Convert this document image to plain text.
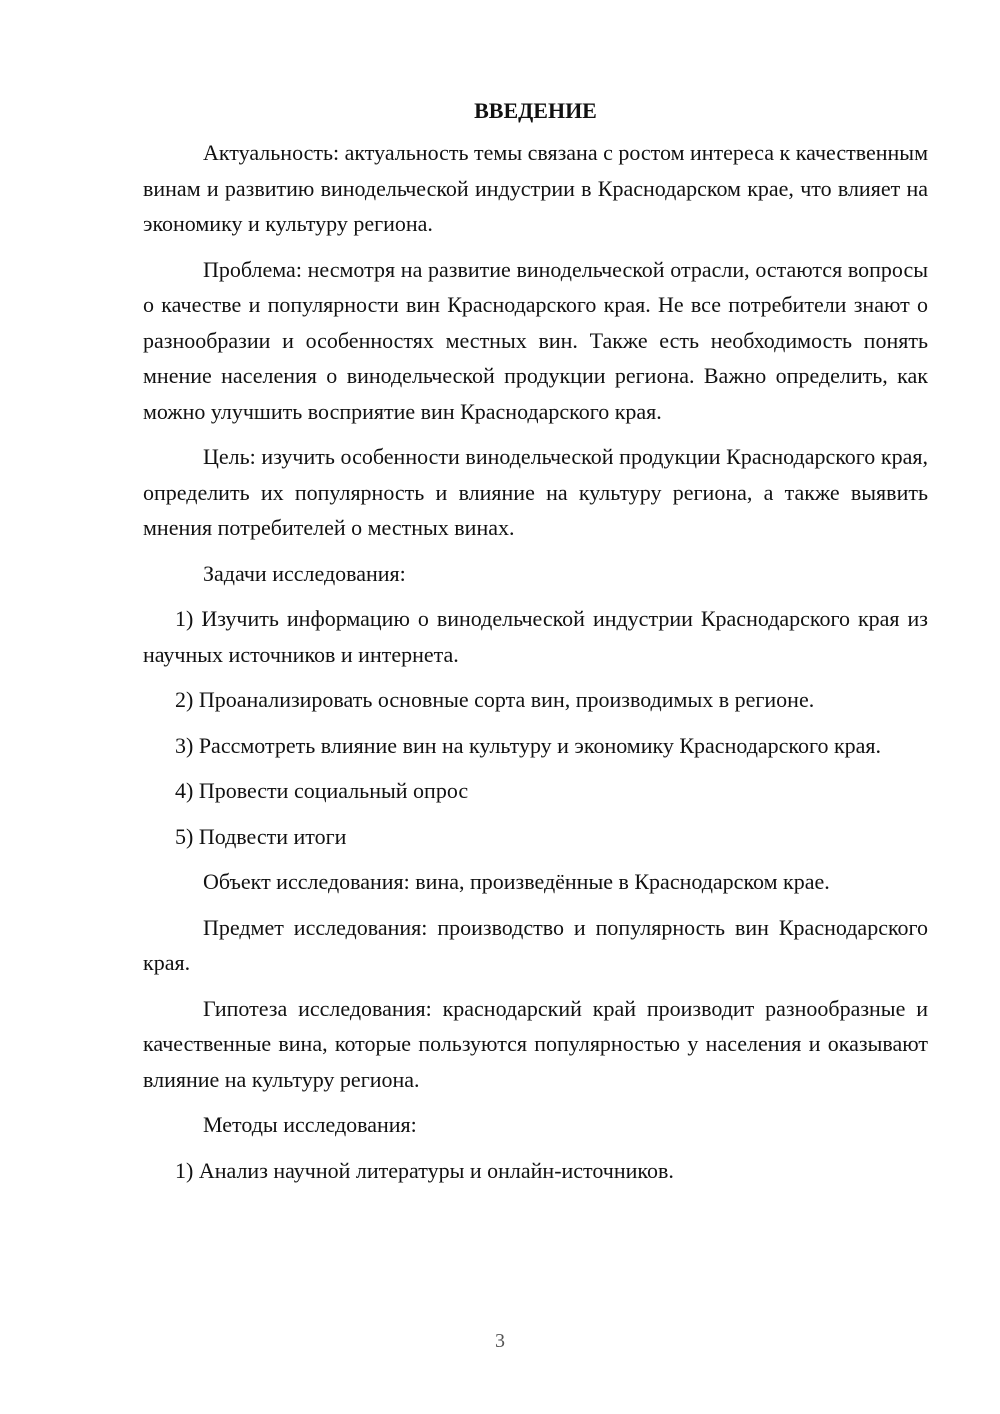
ВВЕДЕНИЕ
Актуальность: актуальность темы связана с ростом интереса к качественным винам и развитию винодельческой индустрии в Краснодарском крае, что влияет на экономику и культуру региона.
Проблема: несмотря на развитие винодельческой отрасли, остаются вопросы о качестве и популярности вин Краснодарского края. Не все потребители знают о разнообразии и особенностях местных вин. Также есть необходимость понять мнение населения о винодельческой продукции региона. Важно определить, как можно улучшить восприятие вин Краснодарского края.
Цель: изучить особенности винодельческой продукции Краснодарского края, определить их популярность и влияние на культуру региона, а также выявить мнения потребителей о местных винах.
Задачи исследования:
1) Изучить информацию о винодельческой индустрии Краснодарского края из научных источников и интернета.
2) Проанализировать основные сорта вин, производимых в регионе.
3) Рассмотреть влияние вин на культуру и экономику Краснодарского края.
4) Провести социальный опрос
5) Подвести итоги
Объект исследования: вина, произведённые в Краснодарском крае.
Предмет исследования: производство и популярность вин Краснодарского края.
Гипотеза исследования: краснодарский край производит разнообразные и качественные вина, которые пользуются популярностью у населения и оказывают влияние на культуру региона.
Методы исследования:
1) Анализ научной литературы и онлайн-источников.
3
